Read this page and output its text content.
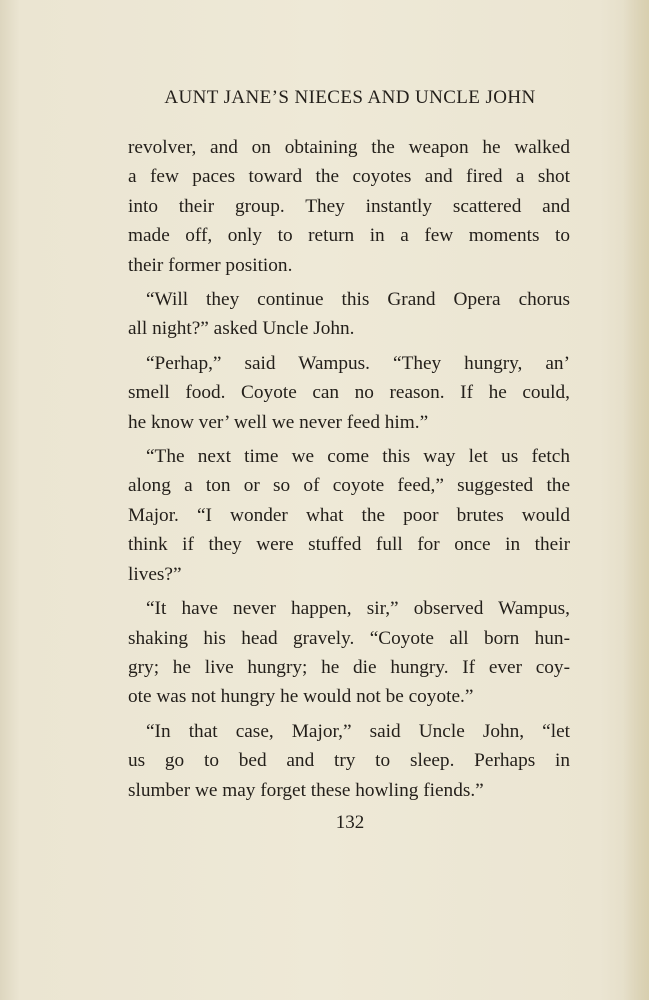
AUNT JANE’S NIECES AND UNCLE JOHN

revolver, and on obtaining the weapon he walked
a few paces toward the coyotes and fired a shot
into their group. They instantly scattered and
made off, only to return in a few moments to
their former position.

“Will they continue this Grand Opera chorus
all night?” asked Uncle John.

“Perhap,” said Wampus. “They hungry, an’
smell food. Coyote can no reason. If he could,
he know ver’ well we never feed him.”

“The next time we come this way let us fetch
along a ton or so of coyote feed,” suggested the
Major. “I wonder what the poor brutes would
think if they were stuffed full for once in their
lives?”

“It have never happen, sir,” observed Wampus,
shaking his head gravely. “Coyote all born hun-
gry; he live hungry; he die hungry. If ever coy-
ote was not hungry he would not be coyote.”

“In that case, Major,” said Uncle John, “let
us go to bed and try to sleep. Perhaps in
slumber we may forget these howling fiends.”

132
